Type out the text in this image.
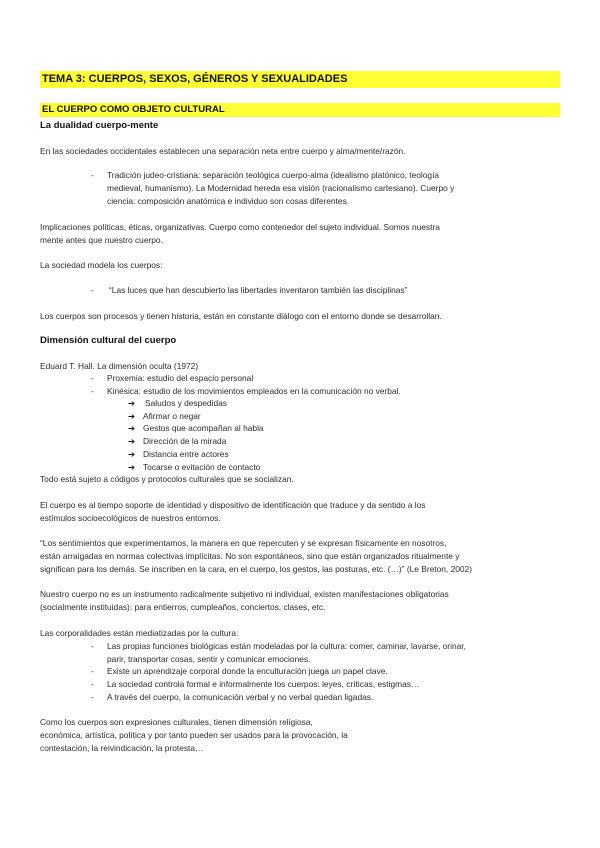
TEMA 3: CUERPOS, SEXOS, GÉNEROS Y SEXUALIDADES
EL CUERPO COMO OBJETO CULTURAL
La dualidad cuerpo-mente
En las sociedades occidentales establecen una separación neta entre cuerpo y alma/mente/razón.
- Tradición judeo-cristiana: separación teológica cuerpo-alma (idealismo platónico, teología
medieval, humanismo). La Modernidad hereda esa visión (racionalismo cartesiano). Cuerpo y
ciencia: composición anatómica e individuo son cosas diferentes.
Implicaciones políticas, éticas, organizativas. Cuerpo como contenedor del sujeto individual. Somos nuestra
mente antes que nuestro cuerpo.
La sociedad modela los cuerpos:
- “Las luces que han descubierto las libertades inventaron también las disciplinas”
Los cuerpos son procesos y tienen historia, están en constante diálogo con el entorno donde se desarrollan.
Dimensión cultural del cuerpo
Eduard T. Hall. La dimensión oculta (1972)
- Proxemia: estudio del espacio personal
- Kinésica: estudio de los movimientos empleados en la comunicación no verbal.
➔ Saludos y despedidas
➔ Afirmar o negar
➔ Gestos que acompañan al habla
➔ Dirección de la mirada
➔ Distancia entre actores
➔ Tocarse o evitación de contacto
Todo está sujeto a códigos y protocolos culturales que se socializan.
El cuerpo es al tiempo soporte de identidad y dispositivo de identificación que traduce y da sentido a los
estímulos socioecológicos de nuestros entornos.
“Los sentimientos que experimentamos, la manera en que repercuten y se expresan físicamente en nosotros,
están arraigadas en normas colectivas implícitas. No son espontáneos, sino que están organizados ritualmente y
significan para los demás. Se inscriben en la cara, en el cuerpo, los gestos, las posturas, etc. (…)” (Le Breton, 2002)
Nuestro cuerpo no es un instrumento radicalmente subjetivo ni individual, existen manifestaciones obligatorias
(socialmente instituidas): para entierros, cumpleaños, conciertos, clases, etc.
Las corporalidades están mediatizadas por la cultura:
- Las propias funciones biológicas están modeladas por la cultura: comer, caminar, lavarse, orinar,
parir, transportar cosas, sentir y comunicar emociones.
- Existe un aprendizaje corporal donde la enculturación juega un papel clave.
- La sociedad controla formal e informalmente los cuerpos: leyes, críticas, estigmas…
- A través del cuerpo, la comunicación verbal y no verbal quedan ligadas.
Como los cuerpos son expresiones culturales, tienen dimensión religiosa,
económica, artística, política y por tanto pueden ser usados para la provocación, la
contestación, la reivindicación, la protesta…
